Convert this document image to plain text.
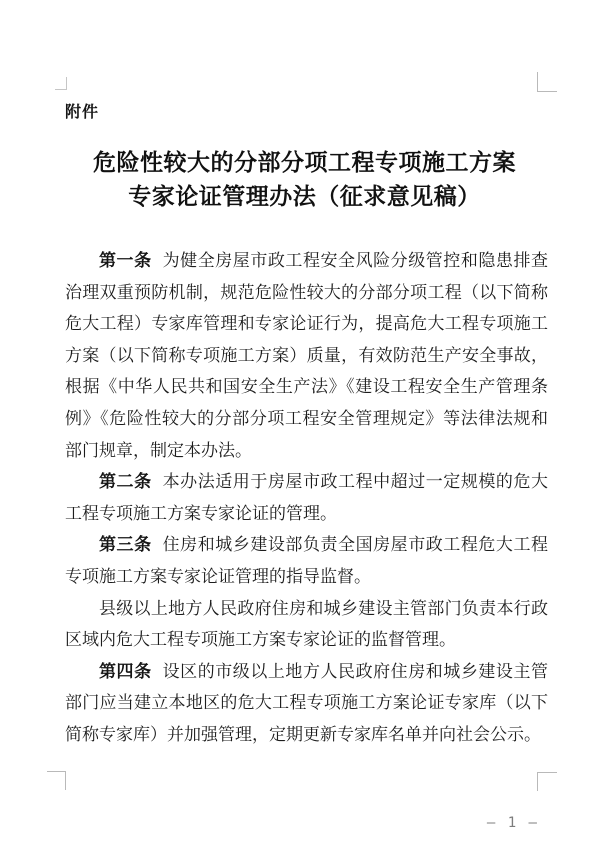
附件
危险性较大的分部分项工程专项施工方案
专家论证管理办法（征求意见稿）

第一条 为健全房屋市政工程安全风险分级管控和隐患排查治理双重预防机制，规范危险性较大的分部分项工程（以下简称危大工程）专家库管理和专家论证行为，提高危大工程专项施工方案（以下简称专项施工方案）质量，有效防范生产安全事故，根据《中华人民共和国安全生产法》《建设工程安全生产管理条例》《危险性较大的分部分项工程安全管理规定》等法律法规和部门规章，制定本办法。

第二条 本办法适用于房屋市政工程中超过一定规模的危大工程专项施工方案专家论证的管理。

第三条 住房和城乡建设部负责全国房屋市政工程危大工程专项施工方案专家论证管理的指导监督。

县级以上地方人民政府住房和城乡建设主管部门负责本行政区域内危大工程专项施工方案专家论证的监督管理。

第四条 设区的市级以上地方人民政府住房和城乡建设主管部门应当建立本地区的危大工程专项施工方案论证专家库（以下简称专家库）并加强管理，定期更新专家库名单并向社会公示。

— 1 —
